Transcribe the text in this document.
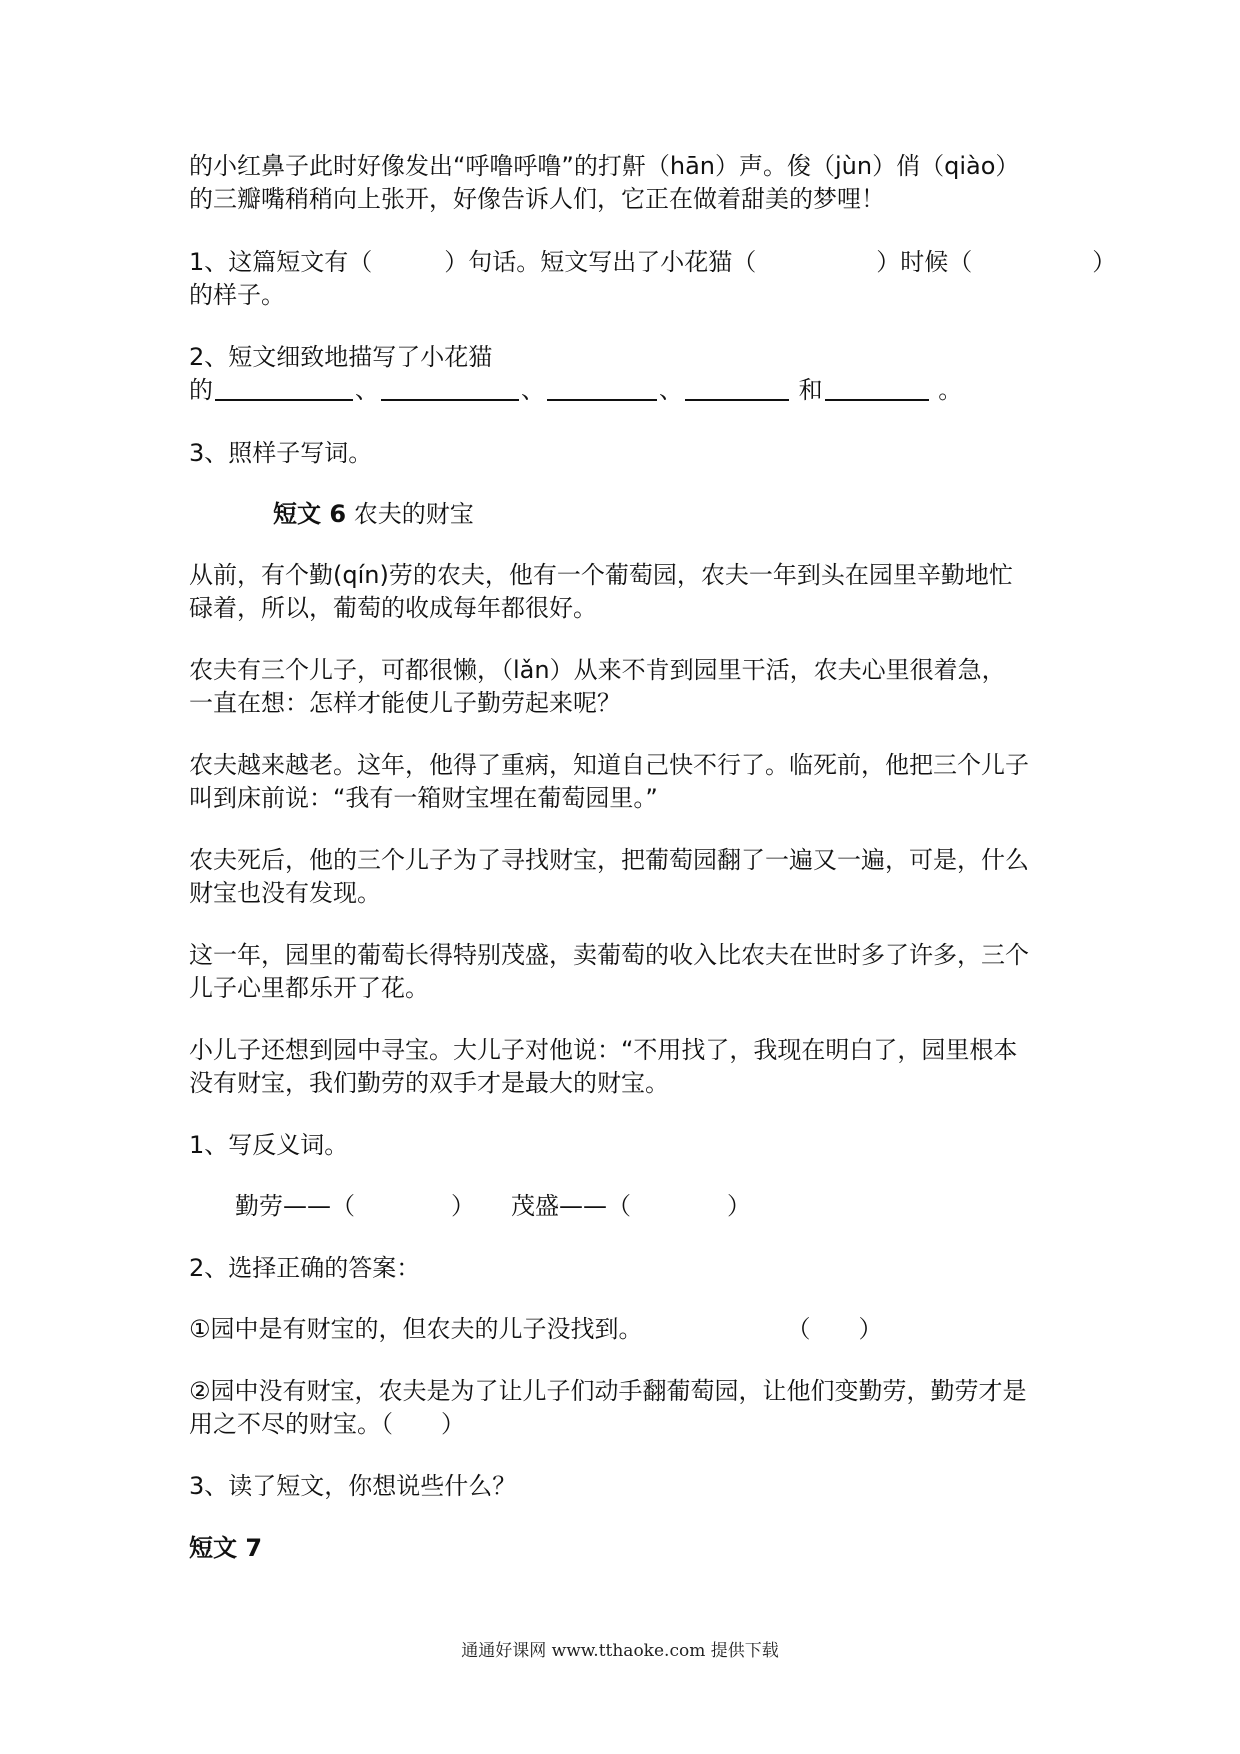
的小红鼻子此时好像发出“呼噜呼噜”的打鼾（hān）声。俊（jùn）俏（qiào）

的三瓣嘴稍稍向上张开，好像告诉人们，它正在做着甜美的梦哩！

1、这篇短文有（　　　）句话。短文写出了小花猫（　　　　　）时候（　　　　　）

的样子。

2、短文细致地描写了小花猫

的	、	、	、	和	。

3、照样子写词。

短文 6 农夫的财宝

从前，有个勤(qín)劳的农夫，他有一个葡萄园，农夫一年到头在园里辛勤地忙

碌着，所以，葡萄的收成每年都很好。

农夫有三个儿子，可都很懒，（lǎn）从来不肯到园里干活，农夫心里很着急，

一直在想：怎样才能使儿子勤劳起来呢？

农夫越来越老。这年，他得了重病，知道自己快不行了。临死前，他把三个儿子

叫到床前说：“我有一箱财宝埋在葡萄园里。”

农夫死后，他的三个儿子为了寻找财宝，把葡萄园翻了一遍又一遍，可是，什么

财宝也没有发现。

这一年，园里的葡萄长得特别茂盛，卖葡萄的收入比农夫在世时多了许多，三个

儿子心里都乐开了花。

小儿子还想到园中寻宝。大儿子对他说：“不用找了，我现在明白了，园里根本

没有财宝，我们勤劳的双手才是最大的财宝。

1、写反义词。

勤劳——（　　　　）　　茂盛——（　　　　）

2、选择正确的答案：

①园中是有财宝的，但农夫的儿子没找到。　　　　　　　（　　）

②园中没有财宝，农夫是为了让儿子们动手翻葡萄园，让他们变勤劳，勤劳才是

用之不尽的财宝。（　　）

3、读了短文，你想说些什么？

短文 7

通通好课网 www.tthaoke.com 提供下载
